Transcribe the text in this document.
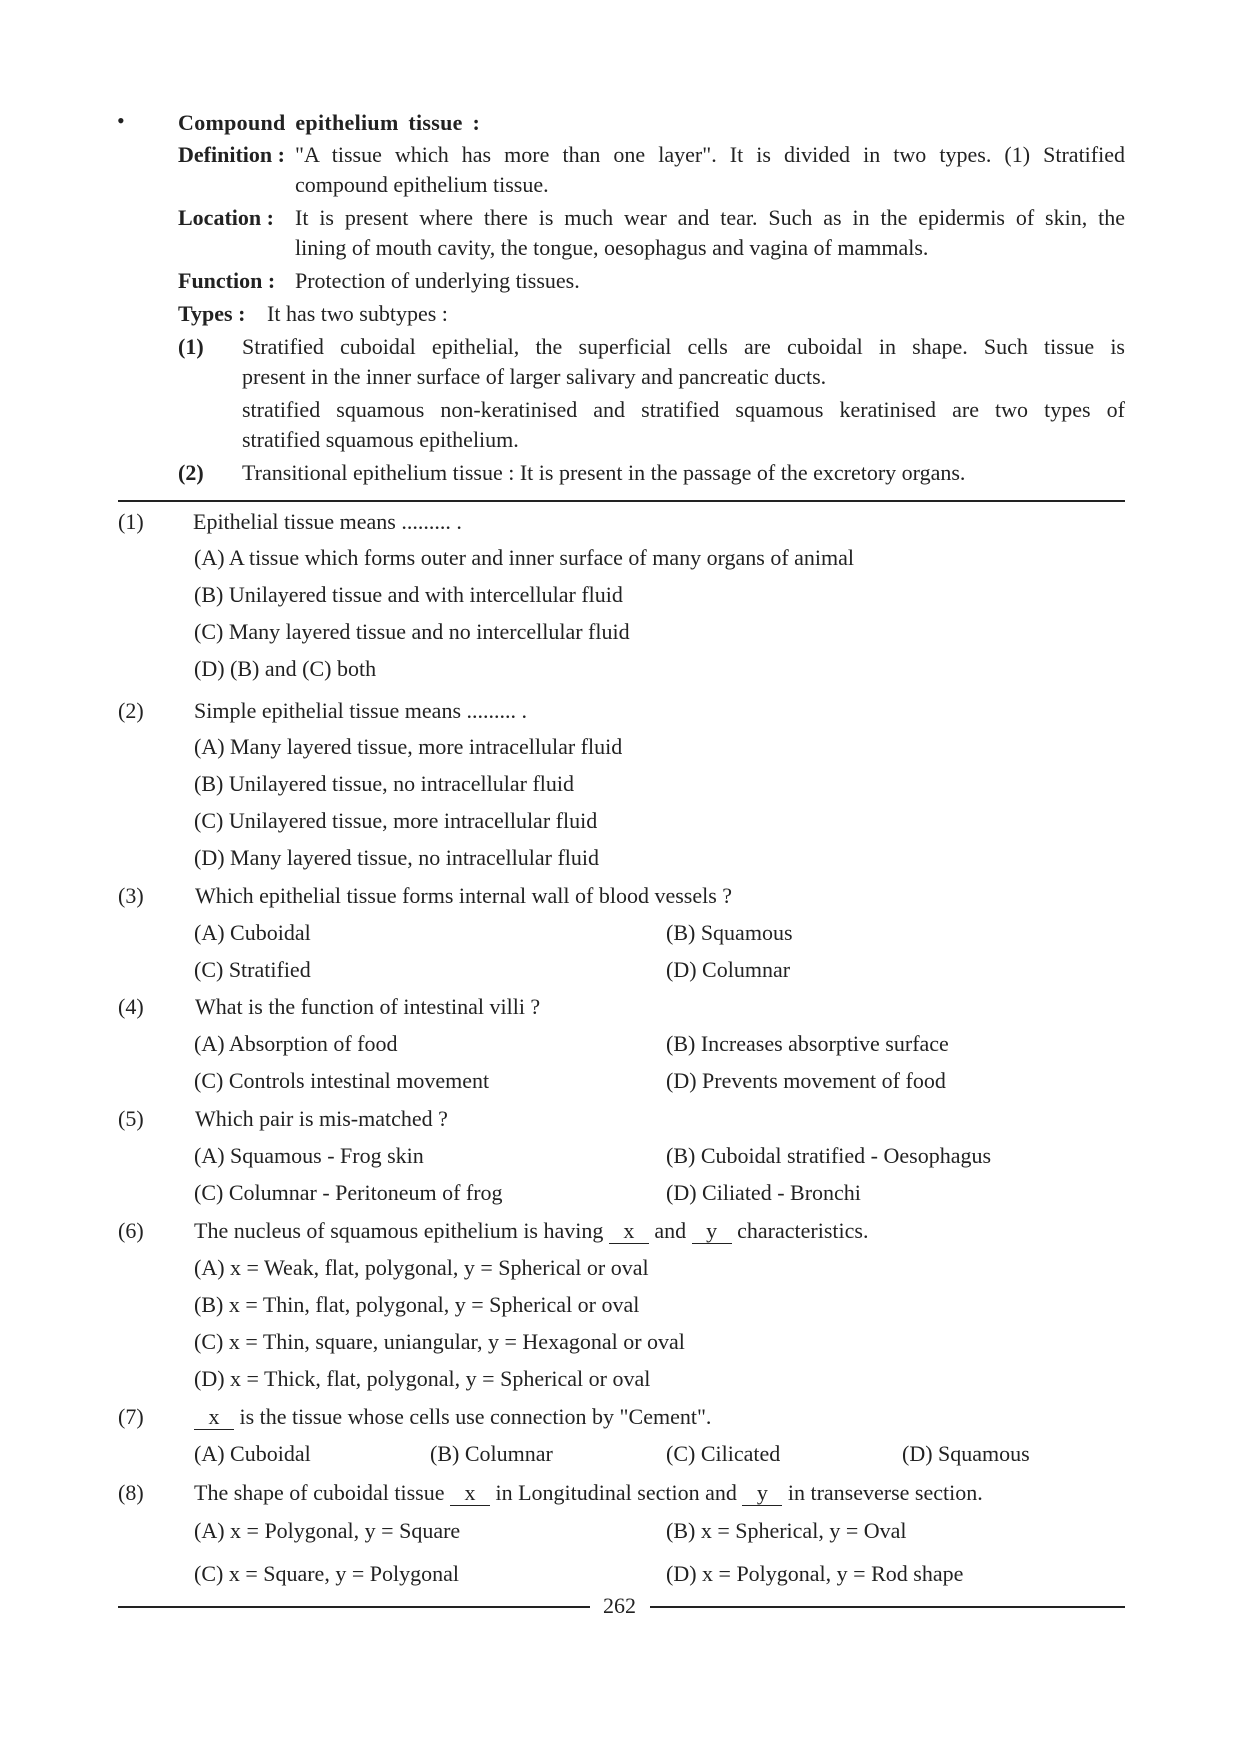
• Compound epithelium tissue :
Definition : "A tissue which has more than one layer". It is divided in two types. (1) Stratified
compound epithelium tissue.
Location : It is present where there is much wear and tear. Such as in the epidermis of skin, the
lining of mouth cavity, the tongue, oesophagus and vagina of mammals.
Function : Protection of underlying tissues.
Types : It has two subtypes :
(1) Stratified cuboidal epithelial, the superficial cells are cuboidal in shape. Such tissue is
present in the inner surface of larger salivary and pancreatic ducts.
stratified squamous non-keratinised and stratified squamous keratinised are two types of
stratified squamous epithelium.
(2) Transitional epithelium tissue : It is present in the passage of the excretory organs.
(1) Epithelial tissue means ......... .
(A) A tissue which forms outer and inner surface of many organs of animal
(B) Unilayered tissue and with intercellular fluid
(C) Many layered tissue and no intercellular fluid
(D) (B) and (C) both
(2) Simple epithelial tissue means ......... .
(A) Many layered tissue, more intracellular fluid
(B) Unilayered tissue, no intracellular fluid
(C) Unilayered tissue, more intracellular fluid
(D) Many layered tissue, no intracellular fluid
(3) Which epithelial tissue forms internal wall of blood vessels ?
(A) Cuboidal	(B) Squamous
(C) Stratified	(D) Columnar
(4) What is the function of intestinal villi ?
(A) Absorption of food	(B) Increases absorptive surface
(C) Controls intestinal movement	(D) Prevents movement of food
(5) Which pair is mis-matched ?
(A) Squamous - Frog skin	(B) Cuboidal stratified - Oesophagus
(C) Columnar - Peritoneum of frog	(D) Ciliated - Bronchi
(6) The nucleus of squamous epithelium is having x and y characteristics.
(A) x = Weak, flat, polygonal, y = Spherical or oval
(B) x = Thin, flat, polygonal, y = Spherical or oval
(C) x = Thin, square, uniangular, y = Hexagonal or oval
(D) x = Thick, flat, polygonal, y = Spherical or oval
(7)	x is the tissue whose cells use connection by "Cement".
(A) Cuboidal	(B) Columnar	(C) Cilicated	(D) Squamous
(8) The shape of cuboidal tissue x in Longitudinal section and y in transeverse section.
(A) x = Polygonal, y = Square	(B) x = Spherical, y = Oval
(C) x = Square, y = Polygonal	(D) x = Polygonal, y = Rod shape
262
